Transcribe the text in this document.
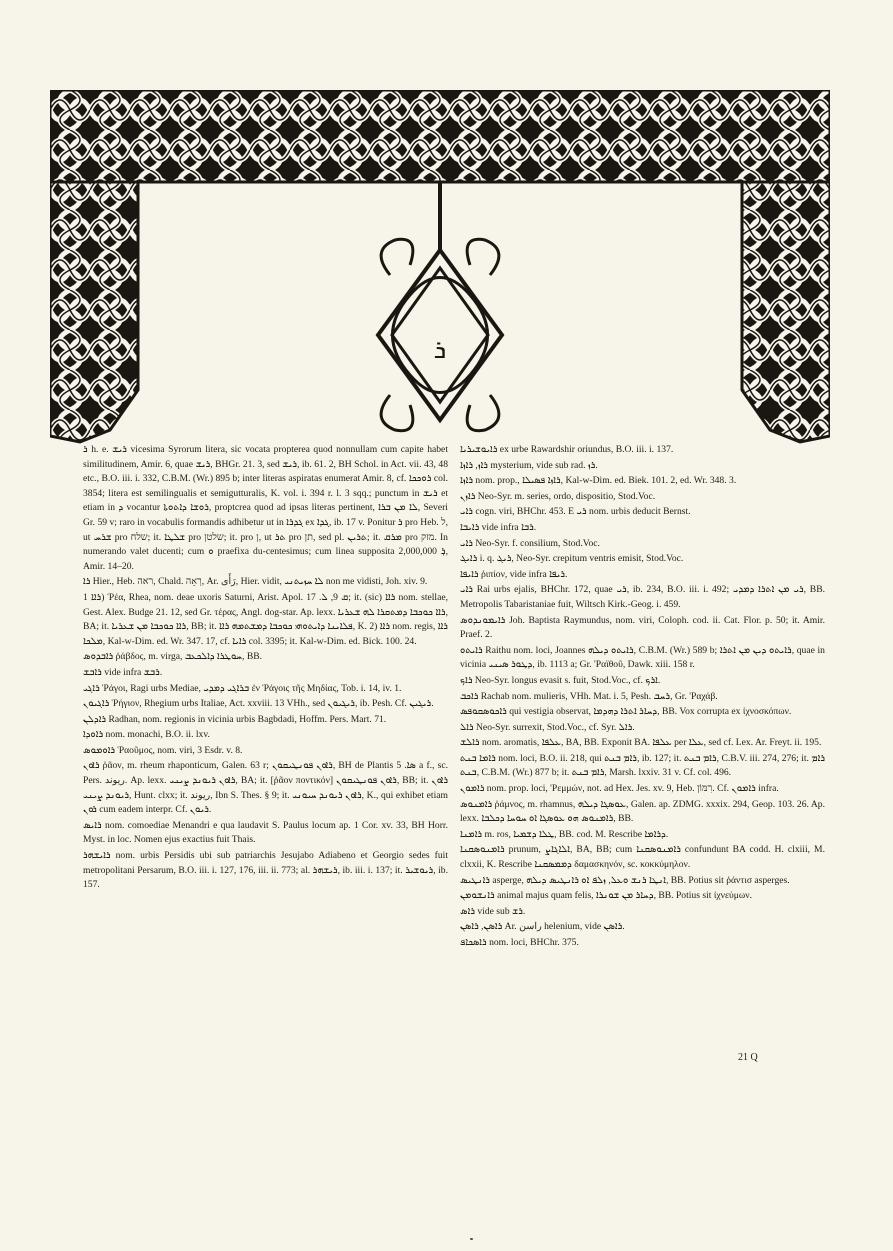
ܪ

ܪ h. e. ܪܝܫ vicesima Syrorum litera, sic vocata propterea quod nonnullam cum capite habet similitudinem, Amir. 6, quae ܪܝܫ, BHGr. 21. 3, sed ܪܝܫ, ib. 61. 2, BH Schol. in Act. vii. 43, 48 etc., B.O. iii. i. 332, C.B.M. (Wr.) 895 b; inter literas aspiratas enumerat Amir. 8, cf. ܪܘܟܟܐ col. 3854; litera est semilingualis et semigutturalis, K. vol. i. 394 r. l. 3 sqq.; punctum in ܪܝܫ et etiam in ܕ vocantur ܪܘܫܐ ܕܐܬܘܬܐ, proptcrea quod ad ipsas literas pertinent, ܠܐ ܡܢ ܒܪܐ, Severi Gr. 59 v; raro in vocabulis formandis adhibetur ut in ܓܕܪܐ ex ܓܕܐ, ib. 17 v. Ponitur ܪ pro Heb. ל, ut ܫܪܚ pro שלח; it. ܫܠܛܐ pro שלטן; it. pro ן, ut ܬܪ pro תן, sed pl. ܬܪܝܢ; it. ܡܪܩ pro מזק. In numerando valet ducenti; cum ܘ praefixa du-centesimus; cum linea supposita ܪ̣ 2,000,000, Amir. 14–20.

ܪܐ Hier., Heb. ראה, Chald. רְאָה, Ar. رَأَى, Hier. vidit, ܠܐ ܚܙܝܬܢܝ non me vidisti, Joh. xiv. 9.

ܪܐܐ 1) Ῥέα, Rhea, nom. deae uxoris Saturni, Arist. Apol. ܩ 9, ܠ. 17; it. (sic) ܪܐܐ nom. stellae, Gest. Alex. Budge 21. 12, sed Gr. τέρας, Angl. dog-star. Ap. lexx. ܪܐܐ ܟܘܟܒܐ ܕܡܬܩܪܐ ܠܗ ܫܥܪܝܐ, BA; it. ܪܐܐ ܟܘܟܒܐ ܡܢ ܫܥܪܝܐ, BB; it. ܦܠܐܝܢܐ ܕܐܝܬܘܗܝ ܟܘܟܒܐ ܕܡܫܬܡܗ ܪܐܐ, K. 2) ܪܐܐ nom. regis, ܪܐܐ ܡܠܟܐ, Kal-w-Dim. ed. Wr. 347. 17, cf. ܪܐܝܐ col. 3395; it. Kal-w-Dim. ed. Bick. 100. 24.

ܪܐܒܕܘܣ ῥάβδος, m. virga, ܚܘܛܪܐ ܕܐܠܟܥܒ, BB.

ܪܐܒܫ vide infra ܪܒܫ.

ܪܐܓܝ Ῥάγοι, Ragi urbs Mediae, ܒܪܐܓܝ ܕܡܕܝ ἐν Ῥάγοις τῆς Μηδίας, Tob. i. 14, iv. 1.

ܪܐܓܝܘܢ Ῥήγιον, Rhegium urbs Italiae, Act. xxviii. 13 VHh., sed ܪܝܓܝܘܢ, ib. Pesh. Cf. ܪܝܓܝܢ.

ܪܐܕܠܢ Radhan, nom. regionis in vicinia urbis Bagbdadi, Hoffm. Pers. Mart. 71.

ܪܐܘܕܐ nom. monachi, B.O. ii. lxv.

ܪܐܘܡܘܣ Ῥαοῦμος, nom. viri, 3 Esdr. v. 8.

ܪܐܘܢ ῥᾶον, m. rheum rhaponticum, Galen. 63 r; ܪܐܘܢ ܦܘܢܛܝܩܘܢ, BH de Plantis ܣܐ. 5 a f., sc. Pers. ريوند. Ap. lexx. ܪܐܘܢ ܪܝܘܢܕ ܨܝܢܝ, BA; it. [ῥᾶον ποντικόν] ܪܐܘܢ ܦܘܢܛܝܩܘܢ, BB; it. ܪܐܘܢ ܪܝܘܢܕ ܨܝܢܝ, Hunt. clxx; it. ريوند, Ibn S. Thes. § 9; it. ܪܐܘܢ ܪܝܘܢܕ ܚܝܘܢܝ, K., qui exhibet etiam ܪܘܢ cum eadem interpr. Cf. ܪܝܘܢ.

ܪܐܝܣ nom. comoediae Menandri e qua laudavit S. Paulus locum ap. 1 Cor. xv. 33, BH Horr. Myst. in loc. Nomen ejus exactius fuit Thais.

ܪܐܝܫܗܪ nom. urbis Persidis ubi sub patriarchis Jesujabo Adiabeno et Georgio sedes fuit metropolitani Persarum, B.O. iii. i. 127, 176, iii. ii. 773; al. ܪܝܫܗܪ, ib. iii. i. 137; it. ܪܝܘܫܝܪ, ib. 157.

ܪܐܝܘܫܝܪܝܐ ex urbe Rawardshir oriundus, B.O. iii. i. 137.

ܪܐܙ, ܪܐܙܐ mysterium, vide sub rad. ܪܙ.

ܪܐܙܐ nom. prop., ܪܐܙܐ ܦܣܝܠܐ, Kal-w-Dim. ed. Biek. 101. 2, ed. Wr. 348. 3.

ܪܐܙܢ Neo-Syr. m. series, ordo, dispositio, Stod.Voc.

ܪܐܝ cogn. viri, BHChr. 453. E ܪܝ nom. urbis deducit Bernst.

ܪܐܝܒܐ vide infra ܪܒܐ.

ܪܐܝ Neo-Syr. f. consilium, Stod.Voc.

ܪܐܝܓ i. q. ܪܝܓ, Neo-Syr. crepitum ventris emisit, Stod.Voc.

ܪܐܝܦܐ ῥιπίον, vide infra ܪܝܦܐ.

ܪܐܝ Rai urbs ejalis, BHChr. 172, quae ܪܝ, ib. 234, B.O. iii. i. 492; ܪܝ ܡܢ ܐܬܪܐ ܕܡܕܝ, BB. Metropolis Tabaristaniae fuit, Wiltsch Kirk.-Geog. i. 459.

ܪܐܝܡܘܢܕܘܣ Joh. Baptista Raymundus, nom. viri, Coloph. cod. ii. Cat. Flor. p. 50; it. Amir. Praef. 2.

ܪܐܝܬܘ Raithu nom. loci, Joannes ܪܐܝܬܘ ܕܝܠܗ, C.B.M. (Wr.) 589 b; ܪܐܝܬܘ ܕܝܢ ܡܢ ܐܬܪܐ, quae in vicinia ܕܛܘܪ ܣܝܢܝ, ib. 1113 a; Gr. 'Ραϊθοῦ, Dawk. xiii. 158 r.

ܪܐܟ Neo-Syr. longus evasit s. fuit, Stod.Voc., cf. ܐܪܟ.

ܪܐܟܒ Rachab nom. mulieris, VHh. Mat. i. 5, Pesh. ܪܚܒ, Gr. 'Ραχάβ.

ܪܐܟܘܣܩܘܦܣ qui vestigia observat, ܕܚܐܪ ܐܬܪܐ ܕܗܕܡܐ, BB. Vox corrupta ex ἰχνοσκόπων.

ܪܐܠ Neo-Syr. surrexit, Stod.Voc., cf. Syr. ܪܐܠ.

ܪܐܠܫ nom. aromatis, ܥܠܦܐ, BA, BB. Exponit BA. ܥܠܦܐ per ܥܠܐ, sed cf. Lex. Ar. Freyt. ii. 195.

ܪܐܡܐ ܒܢܬ nom. loci, B.O. ii. 218, qui ܪܐܡ ܒܢܬ, ib. 127; it. ܪܐܡ ܒܢܬ, C.B.V. iii. 274, 276; it. ܪܐܡ ܒܢܬ, C.B.M. (Wr.) 877 b; it. ܪܐܡ ܒܢܬ, Marsh. lxxiv. 31 v. Cf. col. 496.

ܪܐܡܘܢ nom. prop. loci, 'Ρεμμών, not. ad Hex. Jes. xv. 9, Heb. רִמּוֹן. Cf. ܪܐܡܘܢ infra.

ܪܐܡܢܘܣ ῥάμνος, m. rhamnus, ܥܘܣܓܐ ܕܝܠܗ, Galen. ap. ZDMG. xxxix. 294, Geop. 103. 26. Ap. lexx. ܪܐܡܢܘܣ ܗܘ ܥܘܣܓܐ ܐܘ ܚܘܚܐ ܕܟܠܒܐ, BB.

ܪܐܡܢܐ m. ros, ܛܠܐ ܕܫܡܝܐ, BB. cod. M. Rescribe ܕܪܐܡܐ.

ܪܐܡܢܘܣܩܢܐ prunum, ܐܠܐܓܐܨ, BA, BB; cum ܪܐܡܢܘܣܩܢܐ confundunt BA codd. H. clxiii, M. clxxii, K. Rescribe ܕܡܡܣܩܢܐ δαμασκηνόν, sc. κοκκύμηλον.

ܪܐܢܛܝܣ asperge, ܐܢܛܐ ܪܢܫ ܘܥܠ, ܙܠܦ ܐܘ ܪܐܢܛܝܣ ܕܝܠܗ, BB. Potius sit ῥάντισ asperges.

ܪܐܢܫܘܡܢ animal majus quam felis, ܕܚܐܪ ܡܢ ܫܘܢܪܐ, BB. Potius sit ἰχνεύμων.

ܪܐܣ vide sub ܪܫ.

ܪܐܣܢ, ܪܐܣܢ Ar. راسن helenium, vide ܪܐܣܢ.

ܪܐܣܟܐܦ nom. loci, BHChr. 375.

21 Q
